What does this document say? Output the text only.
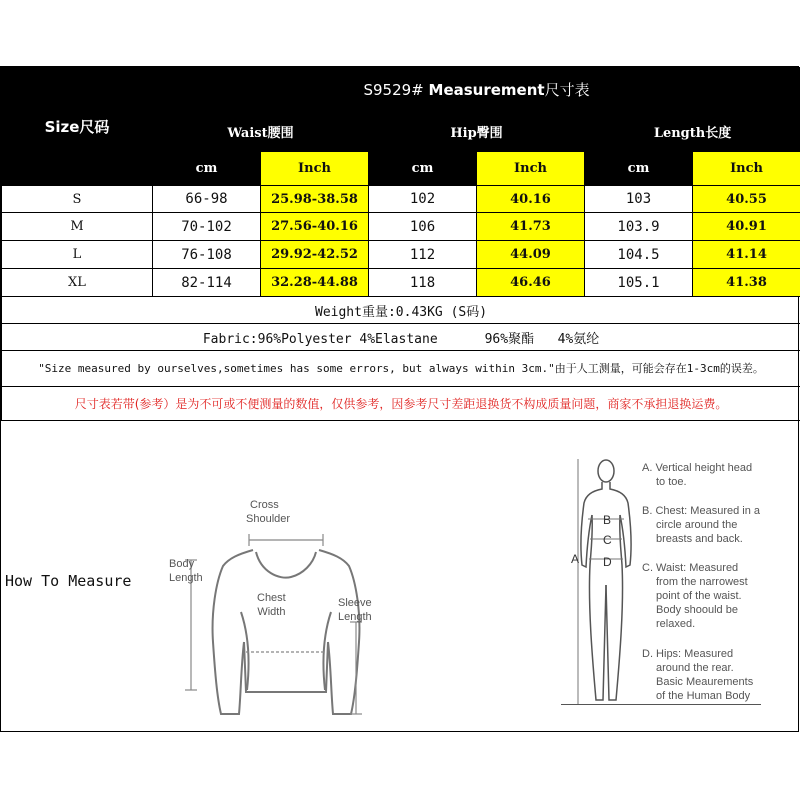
Size尺码	S9529# Measurement尺寸表					
	Waist腰围		Hip臀围		Length长度	
	cm	Inch	cm	Inch	cm	Inch
S	66-98	25.98-38.58	102	40.16	103	40.55
M	70-102	27.56-40.16	106	41.73	103.9	40.91
L	76-108	29.92-42.52	112	44.09	104.5	41.14
XL	82-114	32.28-44.88	118	46.46	105.1	41.38
Weight重量:0.43KG (S码)						
Fabric:96%Polyester 4%Elastane      96%聚酯   4%氨纶						
"Size measured by ourselves,sometimes has some errors, but always within 3cm."由于人工测量，可能会存在1-3cm的误差。						
尺寸表若带(参考）是为不可或不便测量的数值，仅供参考，因参考尺寸差距退换货不构成质量问题，商家不承担退换运费。						
How To Measure
Cross
Shoulder
Body
Length
Chest
Width
Sleeve
Length
A
B
C
D
A. Vertical height head
to toe.
B. Chest: Measured in a
circle around the
breasts and back.
C. Waist: Measured
from the narrowest
point of the waist.
Body shoould be
relaxed.
D. Hips: Measured
around the rear.
Basic Meaurements
of the Human Body
